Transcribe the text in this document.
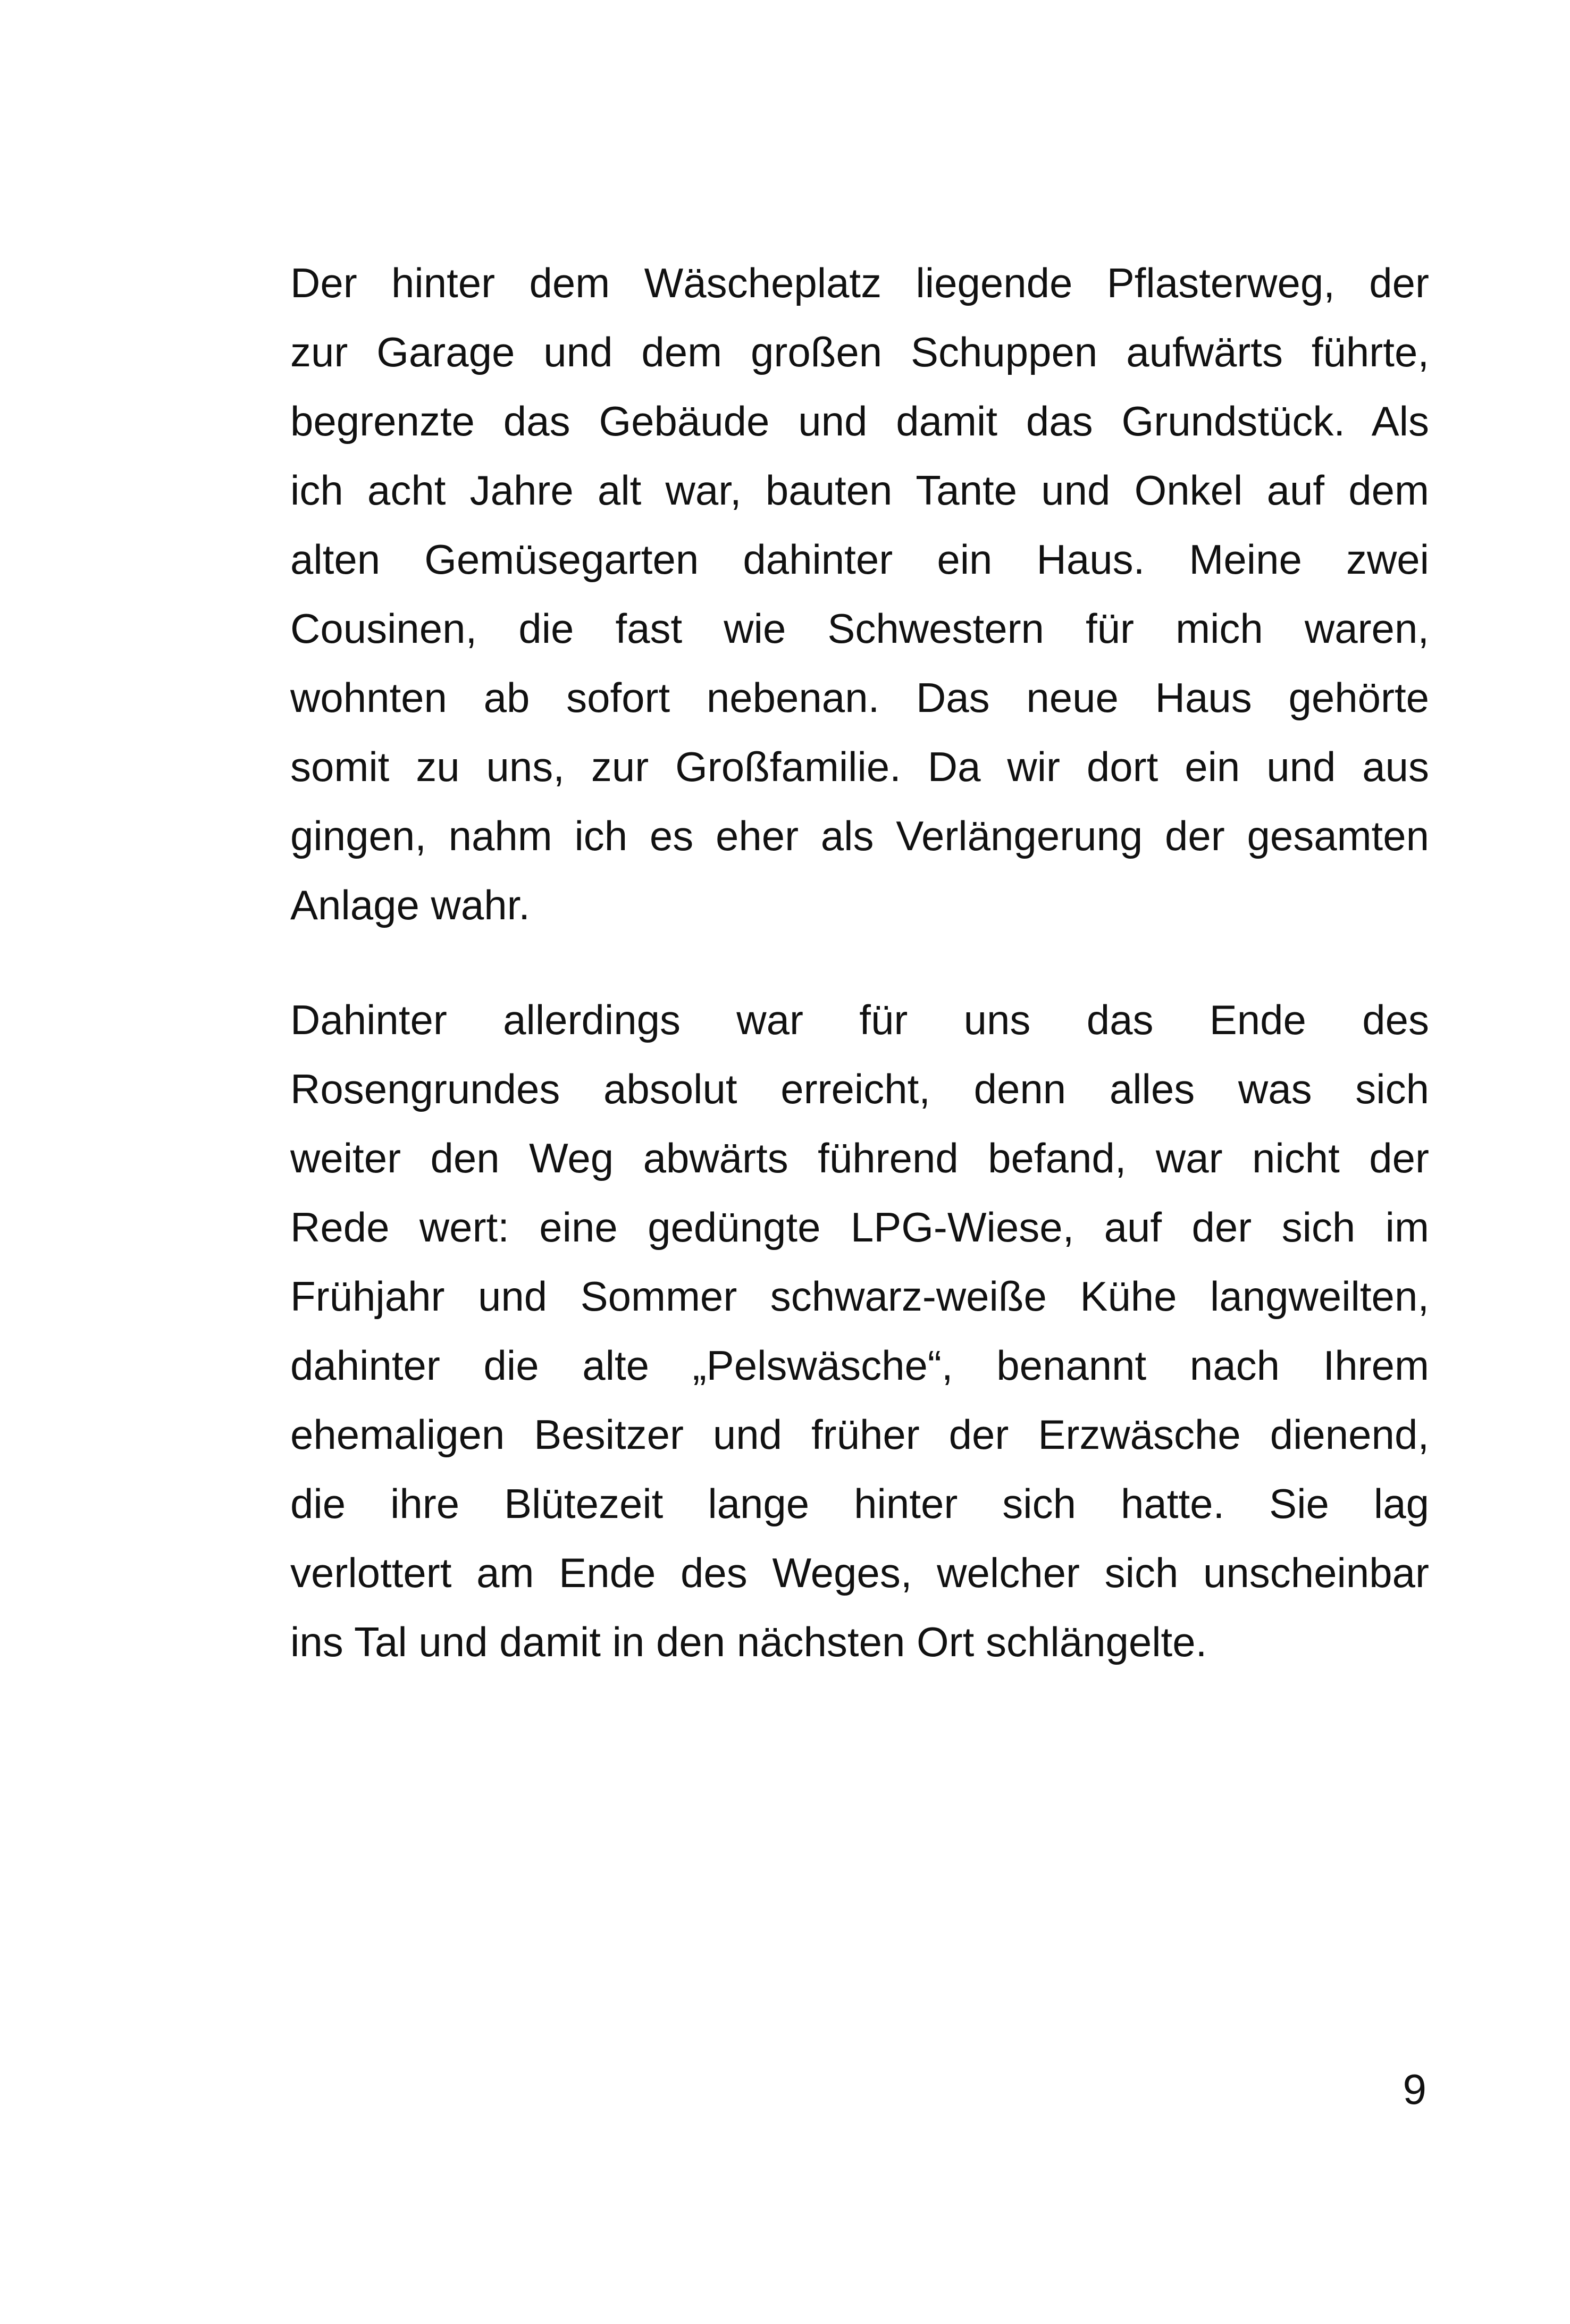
Der hinter dem Wäscheplatz liegende Pflasterweg, der
zur Garage und dem großen Schuppen aufwärts führte,
begrenzte das Gebäude und damit das Grundstück. Als
ich acht Jahre alt war, bauten Tante und Onkel auf dem
alten Gemüsegarten dahinter ein Haus. Meine zwei
Cousinen, die fast wie Schwestern für mich waren,
wohnten ab sofort nebenan. Das neue Haus gehörte
somit zu uns, zur Großfamilie. Da wir dort ein und aus
gingen, nahm ich es eher als Verlängerung der gesamten
Anlage wahr.
Dahinter allerdings war für uns das Ende des
Rosengrundes absolut erreicht, denn alles was sich
weiter den Weg abwärts führend befand, war nicht der
Rede wert: eine gedüngte LPG-Wiese, auf der sich im
Frühjahr und Sommer schwarz-weiße Kühe langweilten,
dahinter die alte „Pelswäsche“, benannt nach Ihrem
ehemaligen Besitzer und früher der Erzwäsche dienend,
die ihre Blütezeit lange hinter sich hatte. Sie lag
verlottert am Ende des Weges, welcher sich unscheinbar
ins Tal und damit in den nächsten Ort schlängelte.
9
